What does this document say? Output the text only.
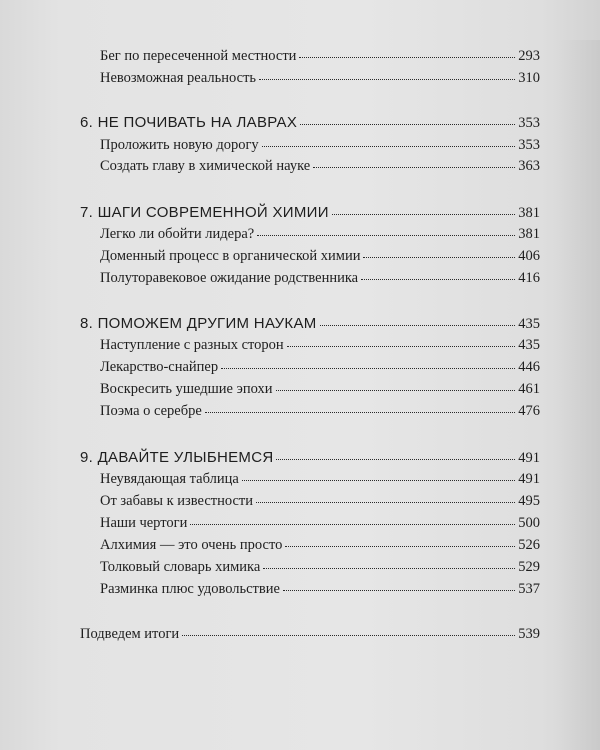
Бег по пересеченной местности	293
Невозможная реальность	310
6. НЕ ПОЧИВАТЬ НА ЛАВРАХ	353
Проложить новую дорогу	353
Создать главу в химической науке	363
7. ШАГИ СОВРЕМЕННОЙ ХИМИИ	381
Легко ли обойти лидера?	381
Доменный процесс в органической химии	406
Полуторавековое ожидание родственника	416
8. ПОМОЖЕМ ДРУГИМ НАУКАМ	435
Наступление с разных сторон	435
Лекарство-снайпер	446
Воскресить ушедшие эпохи	461
Поэма о серебре	476
9. ДАВАЙТЕ УЛЫБНЕМСЯ	491
Неувядающая таблица	491
От забавы к известности	495
Наши чертоги	500
Алхимия — это очень просто	526
Толковый словарь химика	529
Разминка плюс удовольствие	537
Подведем итоги	539
